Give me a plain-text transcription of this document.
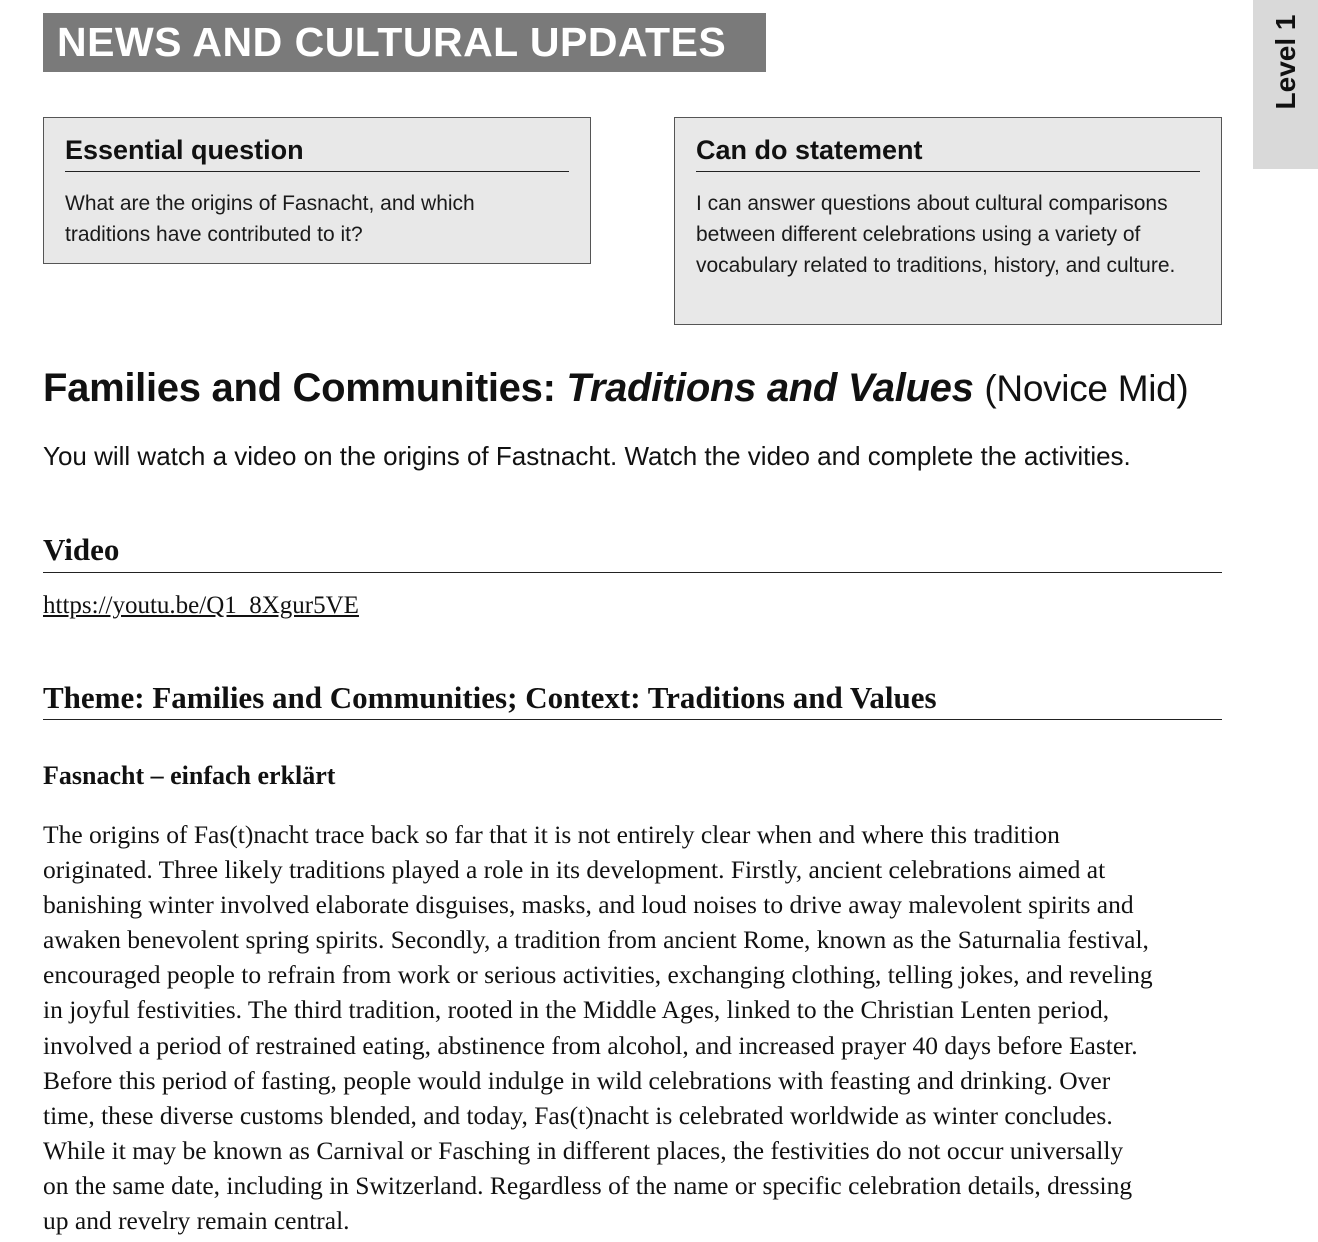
NEWS AND CULTURAL UPDATES	Level 1
Essential question
What are the origins of Fasnacht, and which traditions have contributed to it?
Can do statement
I can answer questions about cultural comparisons between different celebrations using a variety of vocabulary related to traditions, history, and culture.
Families and Communities: Traditions and Values (Novice Mid)
You will watch a video on the origins of Fastnacht. Watch the video and complete the activities.
Video
https://youtu.be/Q1_8Xgur5VE
Theme: Families and Communities; Context: Traditions and Values
Fasnacht – einfach erklärt
The origins of Fas(t)nacht trace back so far that it is not entirely clear when and where this tradition
originated. Three likely traditions played a role in its development. Firstly, ancient celebrations aimed at
banishing winter involved elaborate disguises, masks, and loud noises to drive away malevolent spirits and
awaken benevolent spring spirits. Secondly, a tradition from ancient Rome, known as the Saturnalia festival,
encouraged people to refrain from work or serious activities, exchanging clothing, telling jokes, and reveling
in joyful festivities. The third tradition, rooted in the Middle Ages, linked to the Christian Lenten period,
involved a period of restrained eating, abstinence from alcohol, and increased prayer 40 days before Easter.
Before this period of fasting, people would indulge in wild celebrations with feasting and drinking. Over
time, these diverse customs blended, and today, Fas(t)nacht is celebrated worldwide as winter concludes.
While it may be known as Carnival or Fasching in different places, the festivities do not occur universally
on the same date, including in Switzerland. Regardless of the name or specific celebration details, dressing
up and revelry remain central.
